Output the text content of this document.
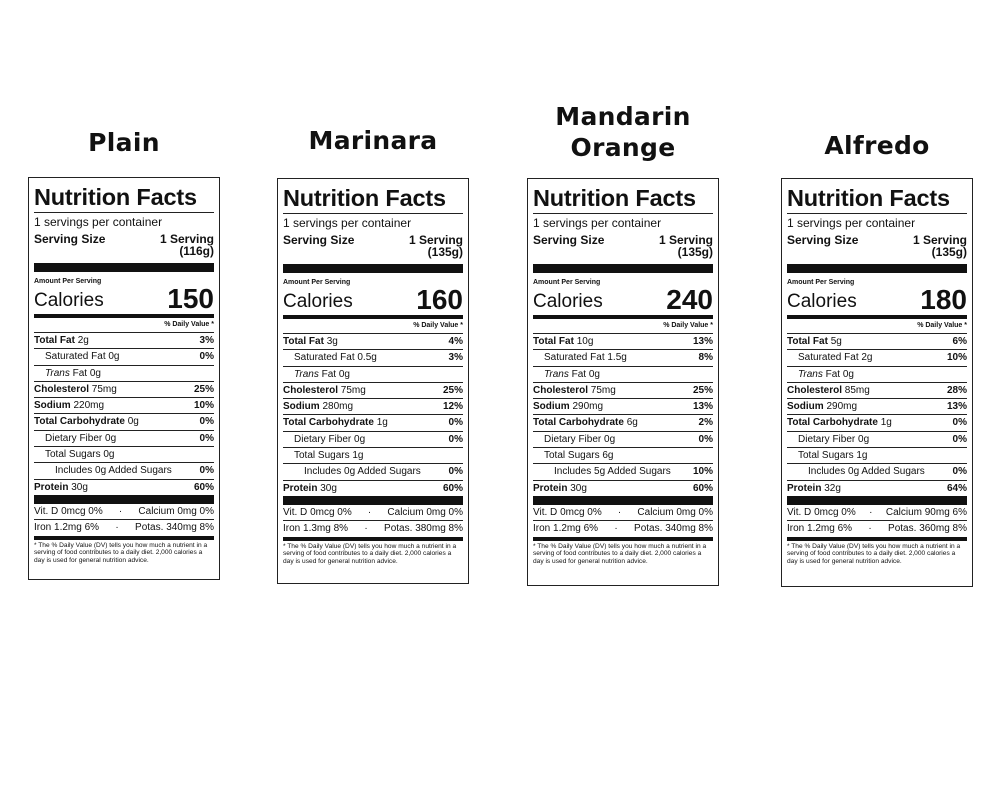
Plain
Nutrition Facts
1 servings per container
Serving Size	1 Serving
(116g)
Amount Per Serving
Calories 150
% Daily Value *
Total Fat 2g	3%
Saturated Fat 0g	0%
Trans Fat 0g
Cholesterol 75mg	25%
Sodium 220mg	10%
Total Carbohydrate 0g	0%
Dietary Fiber 0g	0%
Total Sugars 0g
Includes 0g Added Sugars	0%
Protein 30g	60%
Vit. D 0mcg 0% · Calcium 0mg 0%
Iron 1.2mg 6% · Potas. 340mg 8%
* The % Daily Value (DV) tells you how much a nutrient in a serving of food contributes to a daily diet. 2,000 calories a day is used for general nutrition advice.
Marinara
Nutrition Facts
1 servings per container
Serving Size	1 Serving
(135g)
Amount Per Serving
Calories 160
% Daily Value *
Total Fat 3g	4%
Saturated Fat 0.5g	3%
Trans Fat 0g
Cholesterol 75mg	25%
Sodium 280mg	12%
Total Carbohydrate 1g	0%
Dietary Fiber 0g	0%
Total Sugars 1g
Includes 0g Added Sugars	0%
Protein 30g	60%
Vit. D 0mcg 0% · Calcium 0mg 0%
Iron 1.3mg 8% · Potas. 380mg 8%
* The % Daily Value (DV) tells you how much a nutrient in a serving of food contributes to a daily diet. 2,000 calories a day is used for general nutrition advice.
Mandarin Orange
Nutrition Facts
1 servings per container
Serving Size	1 Serving
(135g)
Amount Per Serving
Calories 240
% Daily Value *
Total Fat 10g	13%
Saturated Fat 1.5g	8%
Trans Fat 0g
Cholesterol 75mg	25%
Sodium 290mg	13%
Total Carbohydrate 6g	2%
Dietary Fiber 0g	0%
Total Sugars 6g
Includes 5g Added Sugars 10%
Protein 30g	60%
Vit. D 0mcg 0% · Calcium 0mg 0%
Iron 1.2mg 6% · Potas. 340mg 8%
* The % Daily Value (DV) tells you how much a nutrient in a serving of food contributes to a daily diet. 2,000 calories a day is used for general nutrition advice.
Alfredo
Nutrition Facts
1 servings per container
Serving Size	1 Serving
(135g)
Amount Per Serving
Calories 180
% Daily Value *
Total Fat 5g	6%
Saturated Fat 2g	10%
Trans Fat 0g
Cholesterol 85mg	28%
Sodium 290mg	13%
Total Carbohydrate 1g	0%
Dietary Fiber 0g	0%
Total Sugars 1g
Includes 0g Added Sugars	0%
Protein 32g	64%
Vit. D 0mcg 0% · Calcium 90mg 6%
Iron 1.2mg 6% · Potas. 360mg 8%
* The % Daily Value (DV) tells you how much a nutrient in a serving of food contributes to a daily diet. 2,000 calories a day is used for general nutrition advice.
